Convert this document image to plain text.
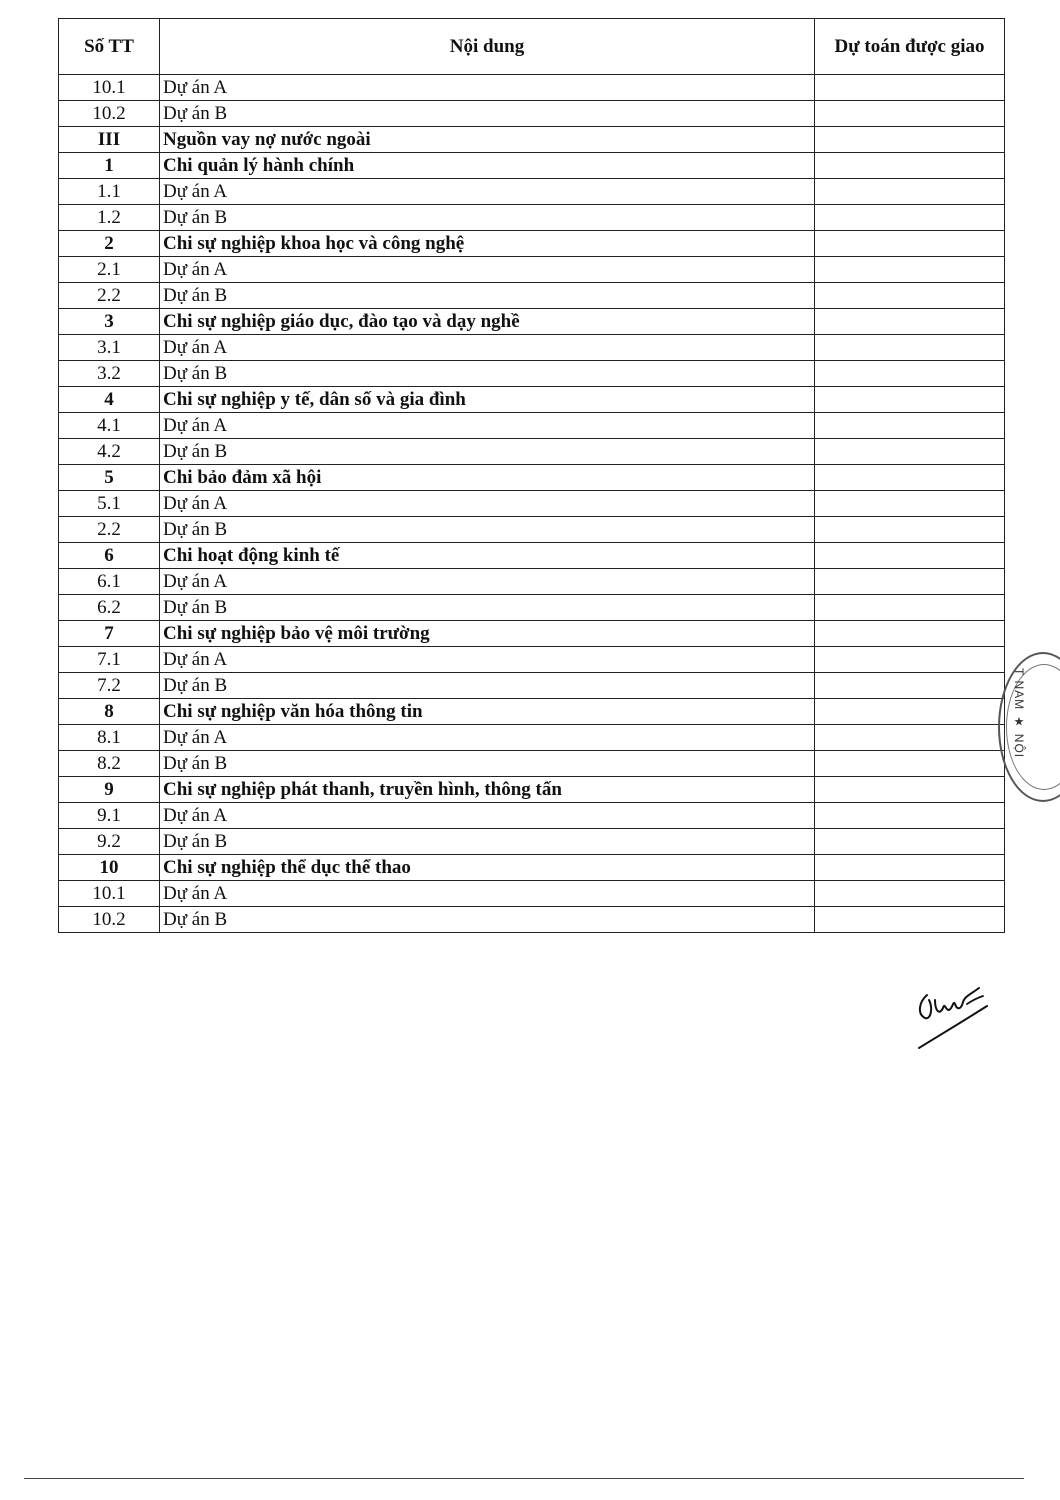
Số TT	Nội dung	Dự toán được giao
10.1	Dự án A	
10.2	Dự án B	
III	Nguồn vay nợ nước ngoài	
1	Chi quản lý hành chính	
1.1	Dự án A	
1.2	Dự án B	
2	Chi sự nghiệp khoa học và công nghệ	
2.1	Dự án A	
2.2	Dự án B	
3	Chi sự nghiệp giáo dục, đào tạo và dạy nghề	
3.1	Dự án A	
3.2	Dự án B	
4	Chi sự nghiệp y tế, dân số và gia đình	
4.1	Dự án A	
4.2	Dự án B	
5	Chi bảo đảm xã hội	
5.1	Dự án A	
2.2	Dự án B	
6	Chi hoạt động kinh tế	
6.1	Dự án A	
6.2	Dự án B	
7	Chi sự nghiệp bảo vệ môi trường	
7.1	Dự án A	
7.2	Dự án B	
8	Chi sự nghiệp văn hóa thông tin	
8.1	Dự án A	
8.2	Dự án B	
9	Chi sự nghiệp phát thanh, truyền hình, thông tấn	
9.1	Dự án A	
9.2	Dự án B	
10	Chi sự nghiệp thể dục thể thao	
10.1	Dự án A	
10.2	Dự án B	
T NAM ★ NỘI
